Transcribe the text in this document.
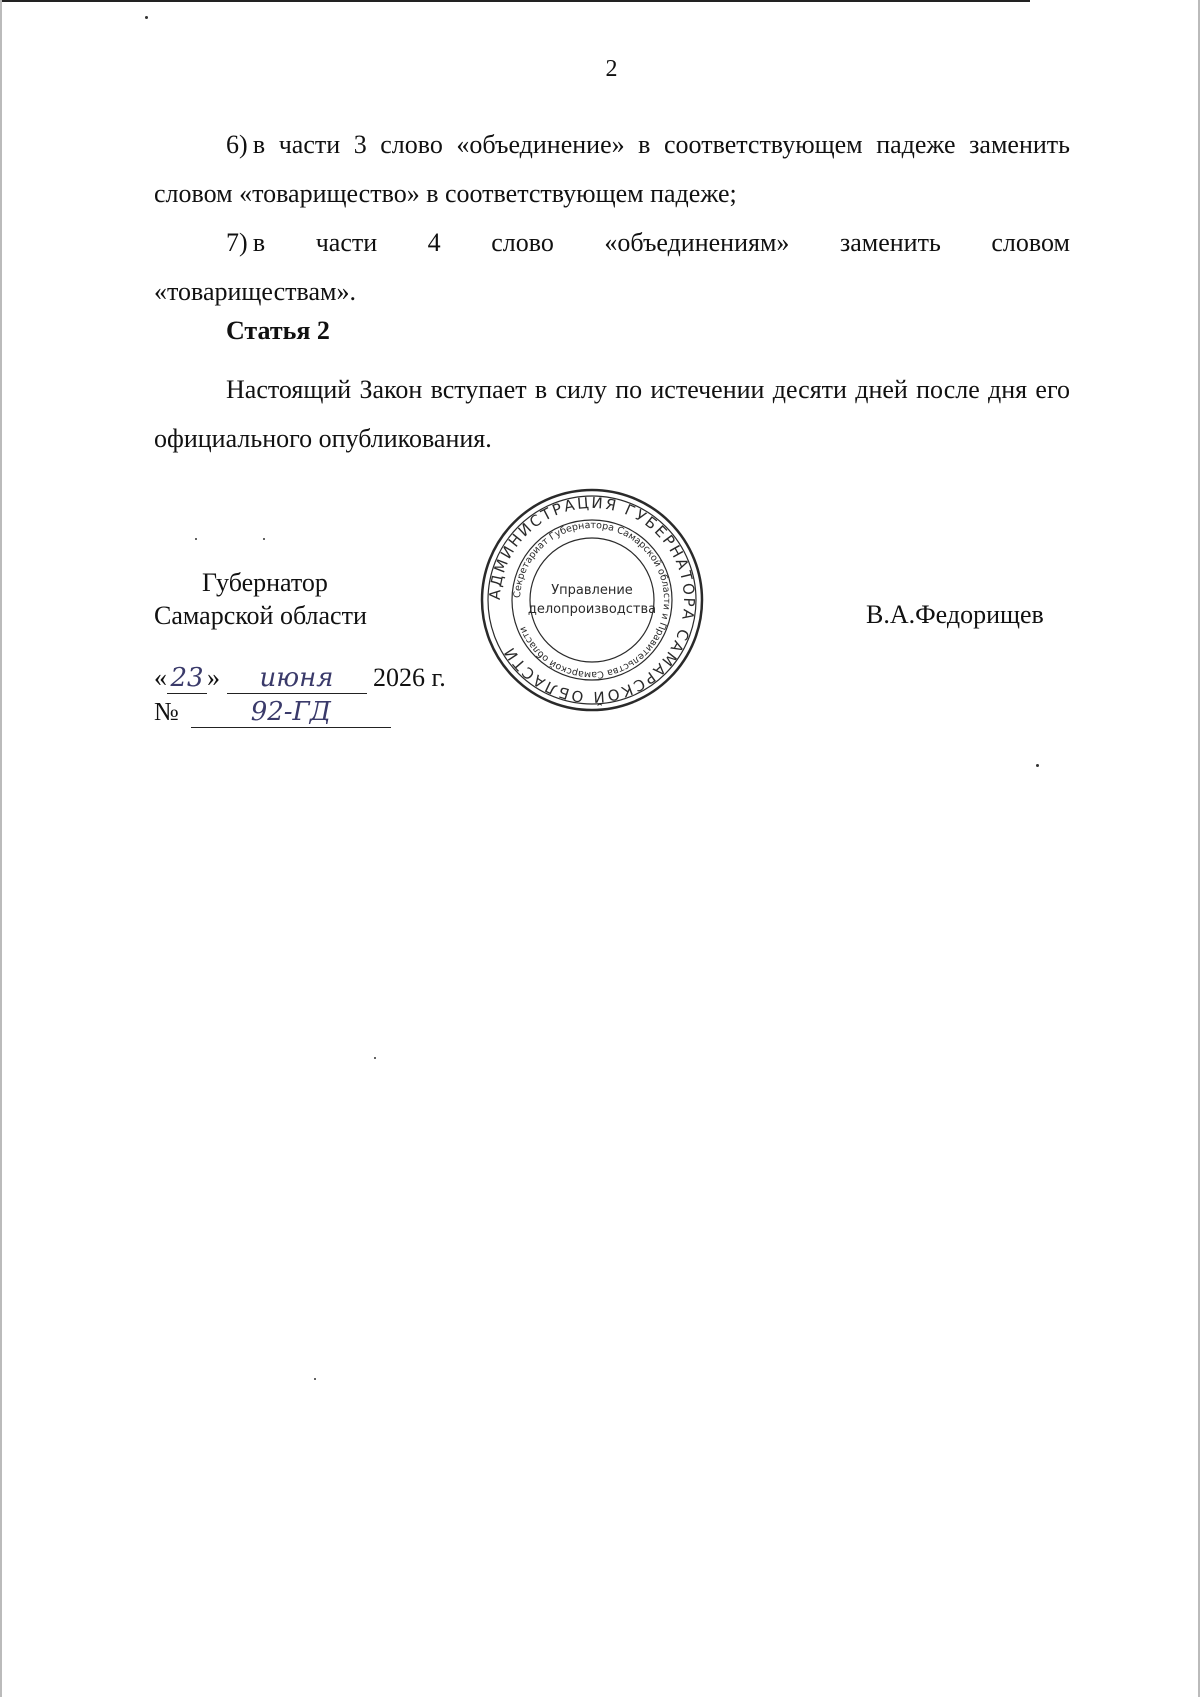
2
6)  в части 3 слово «объединение» в соответствующем падеже заменить словом «товарищество» в соответствующем падеже;
7)  в части 4 слово «объединениям» заменить словом
«товариществам».
Статья 2
Настоящий Закон вступает в силу по истечении десяти дней после дня его официального опубликования.
Губернатор
Самарской области
АДМИНИСТРАЦИЯ ГУБЕРНАТОРА САМАРСКОЙ ОБЛАСТИ
Секретариат Губернатора Самарской области и Правительства Самарской области
Управление
делопроизводства	В.А.Федорищев
« 23 » июня 2026 г.
№	92-ГД
